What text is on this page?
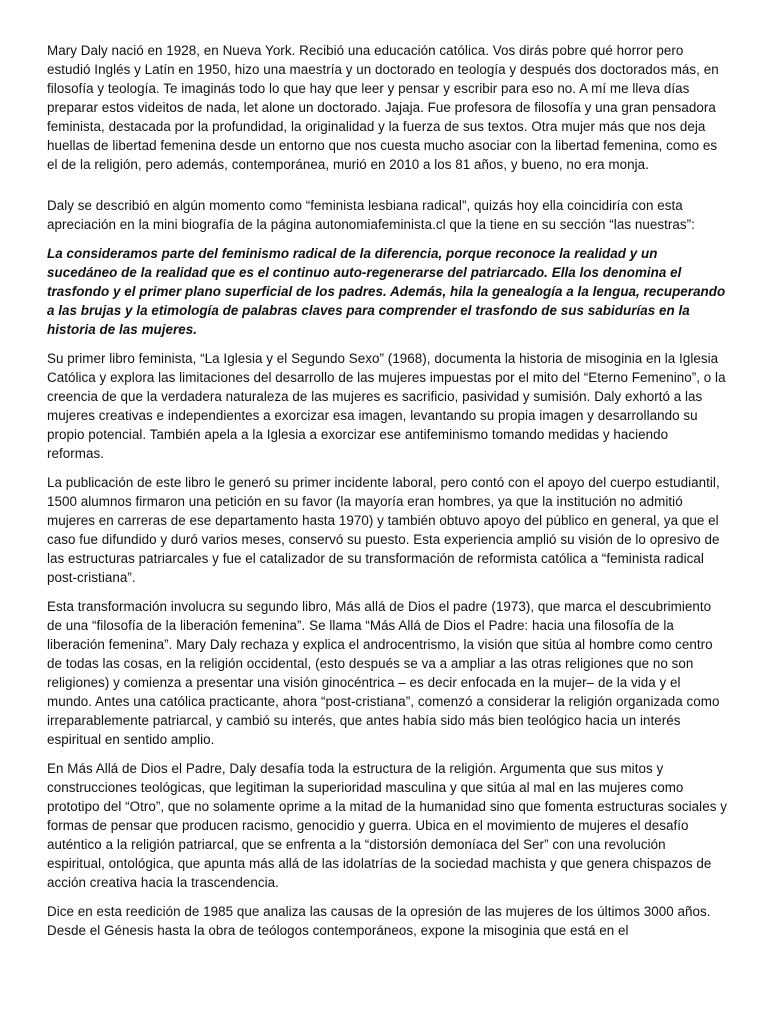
Mary Daly nació en 1928, en Nueva York. Recibió una educación católica. Vos dirás pobre qué horror pero estudió Inglés y Latín en 1950, hizo una maestría y un doctorado en teología y después dos doctorados más, en filosofía y teología. Te imaginás todo lo que hay que leer y pensar y escribir para eso no. A mí me lleva días preparar estos videitos de nada, let alone un doctorado. Jajaja. Fue profesora de filosofía y una gran pensadora feminista, destacada por la profundidad, la originalidad y la fuerza de sus textos. Otra mujer más que nos deja huellas de libertad femenina desde un entorno que nos cuesta mucho asociar con la libertad femenina, como es el de la religión, pero además, contemporánea, murió en 2010 a los 81 años, y bueno, no era monja.

Daly se describió en algún momento como “feminista lesbiana radical”, quizás hoy ella coincidiría con esta apreciación en la mini biografía de la página autonomiafeminista.cl que la tiene en su sección “las nuestras”:

La consideramos parte del feminismo radical de la diferencia, porque reconoce la realidad y un sucedáneo de la realidad que es el continuo auto-regenerarse del patriarcado. Ella los denomina el trasfondo y el primer plano superficial de los padres. Además, hila la genealogía a la lengua, recuperando a las brujas y la etimología de palabras claves para comprender el trasfondo de sus sabidurías en la historia de las mujeres.

Su primer libro feminista, “La Iglesia y el Segundo Sexo” (1968), documenta la historia de misoginia en la Iglesia Católica y explora las limitaciones del desarrollo de las mujeres impuestas por el mito del “Eterno Femenino”, o la creencia de que la verdadera naturaleza de las mujeres es sacrificio, pasividad y sumisión. Daly exhortó a las mujeres creativas e independientes a exorcizar esa imagen, levantando su propia imagen y desarrollando su propio potencial. También apela a la Iglesia a exorcizar ese antifeminismo tomando medidas y haciendo reformas.

La publicación de este libro le generó su primer incidente laboral, pero contó con el apoyo del cuerpo estudiantil, 1500 alumnos firmaron una petición en su favor (la mayoría eran hombres, ya que la institución no admitió mujeres en carreras de ese departamento hasta 1970) y también obtuvo apoyo del público en general, ya que el caso fue difundido y duró varios meses, conservó su puesto. Esta experiencia amplió su visión de lo opresivo de las estructuras patriarcales y fue el catalizador de su transformación de reformista católica a “feminista radical post-cristiana”.

Esta transformación involucra su segundo libro, Más allá de Dios el padre (1973), que marca el descubrimiento de una “filosofía de la liberación femenina”. Se llama “Más Allá de Dios el Padre: hacia una filosofía de la liberación femenina”. Mary Daly rechaza y explica el androcentrismo, la visión que sitúa al hombre como centro de todas las cosas, en la religión occidental, (esto después se va a ampliar a las otras religiones que no son religiones) y comienza a presentar una visión ginocéntrica – es decir enfocada en la mujer– de la vida y el mundo. Antes una católica practicante, ahora “post-cristiana”, comenzó a considerar la religión organizada como irreparablemente patriarcal, y cambió su interés, que antes había sido más bien teológico hacia un interés espiritual en sentido amplio.

En Más Allá de Dios el Padre, Daly desafía toda la estructura de la religión. Argumenta que sus mitos y construcciones teológicas, que legitiman la superioridad masculina y que sitúa al mal en las mujeres como prototipo del “Otro”, que no solamente oprime a la mitad de la humanidad sino que fomenta estructuras sociales y formas de pensar que producen racismo, genocidio y guerra. Ubica en el movimiento de mujeres el desafío auténtico a la religión patriarcal, que se enfrenta a la “distorsión demoníaca del Ser” con una revolución espiritual, ontológica, que apunta más allá de las idolatrías de la sociedad machista y que genera chispazos de acción creativa hacia la trascendencia.

Dice en esta reedición de 1985 que analiza las causas de la opresión de las mujeres de los últimos 3000 años. Desde el Génesis hasta la obra de teólogos contemporáneos, expone la misoginia que está en el
